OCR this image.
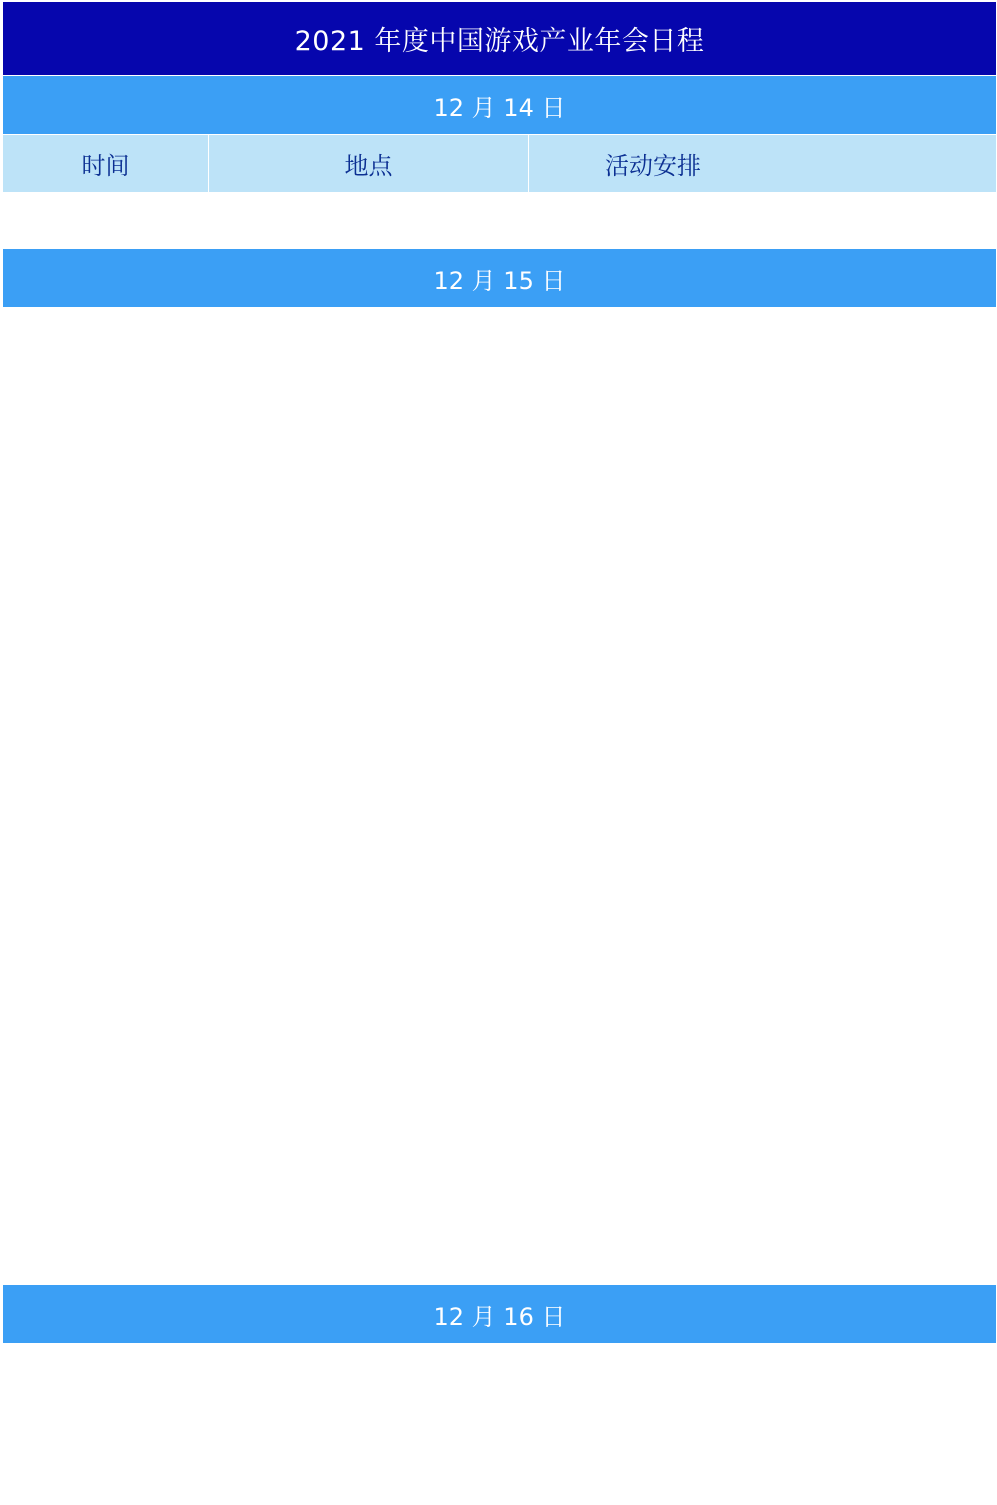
2021 年度中国游戏产业年会日程
12 月 14 日
时间	地点	活动安排
12 月 15 日
12 月 16 日
